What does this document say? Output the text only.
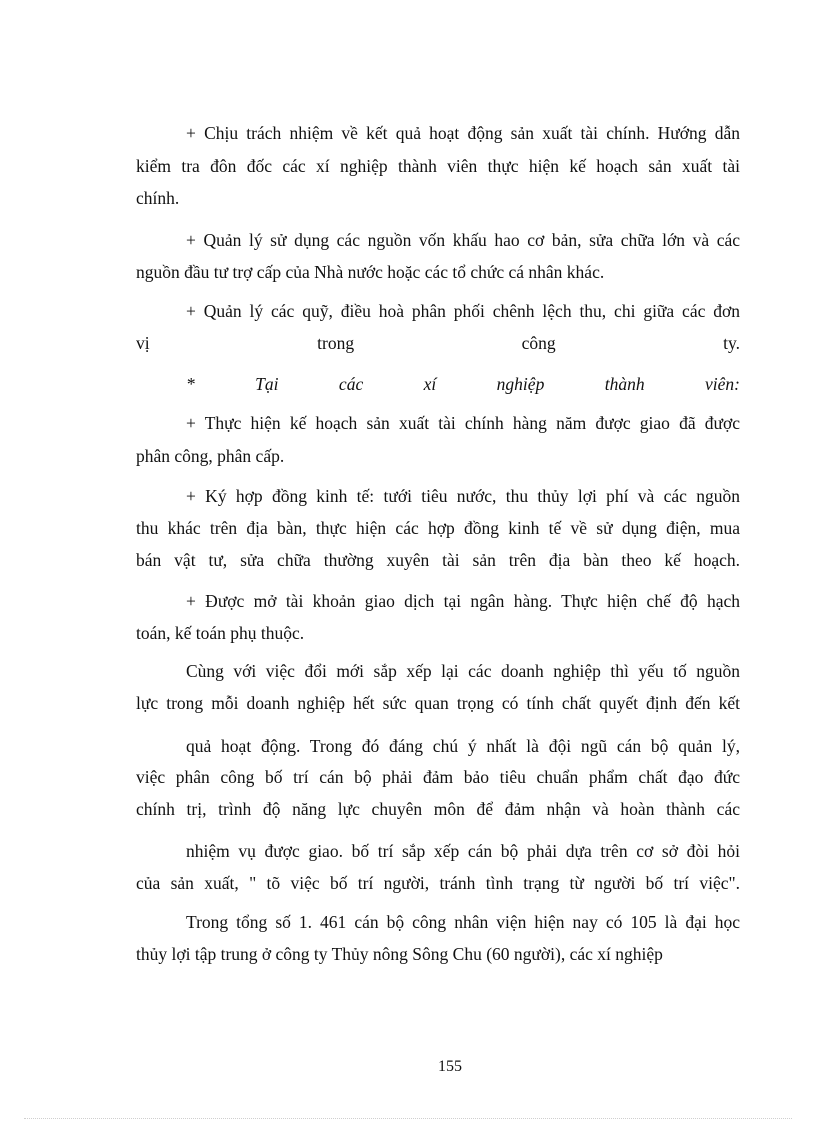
+ Chịu trách nhiệm về kết quả hoạt động sản xuất tài chính. Hướng dẫn
kiểm tra đôn đốc các xí nghiệp thành viên thực hiện kế hoạch sản xuất tài
chính.
+ Quản lý sử dụng các nguồn vốn khấu hao cơ bản, sửa chữa lớn và các
nguồn đầu tư trợ cấp của Nhà nước hoặc các tổ chức cá nhân khác.
+ Quản lý các quỹ, điều hoà phân phối chênh lệch thu, chi giữa các đơn
vị trong công ty.
* Tại các xí nghiệp thành viên:
+ Thực hiện kế hoạch sản xuất tài chính hàng năm được giao đã được
phân công, phân cấp.
+ Ký hợp đồng kinh tế: tưới tiêu nước, thu thủy lợi phí và các nguồn
thu khác trên địa bàn, thực hiện các hợp đồng kinh tế về sử dụng điện, mua
bán vật tư, sửa chữa thường xuyên tài sản trên địa bàn theo kế hoạch.
+ Được mở tài khoản giao dịch tại ngân hàng. Thực hiện chế độ hạch
toán, kế toán phụ thuộc.
Cùng với việc đổi mới sắp xếp lại các doanh nghiệp thì yếu tố nguồn
lực trong mỗi doanh nghiệp hết sức quan trọng có tính chất quyết định đến kết
quả hoạt động. Trong đó đáng chú ý nhất là đội ngũ cán bộ quản lý,
việc phân công bố trí cán bộ phải đảm bảo tiêu chuẩn phẩm chất đạo đức
chính trị, trình độ năng lực chuyên môn để đảm nhận và hoàn thành các
nhiệm vụ được giao. bố trí sắp xếp cán bộ phải dựa trên cơ sở đòi hỏi
của sản xuất, " tõ việc bố trí người, tránh tình trạng từ người bố trí việc".
Trong tổng số 1. 461 cán bộ công nhân viện hiện nay có 105 là đại học
thủy lợi tập trung ở công ty Thủy nông Sông Chu (60 người), các xí nghiệp
155
